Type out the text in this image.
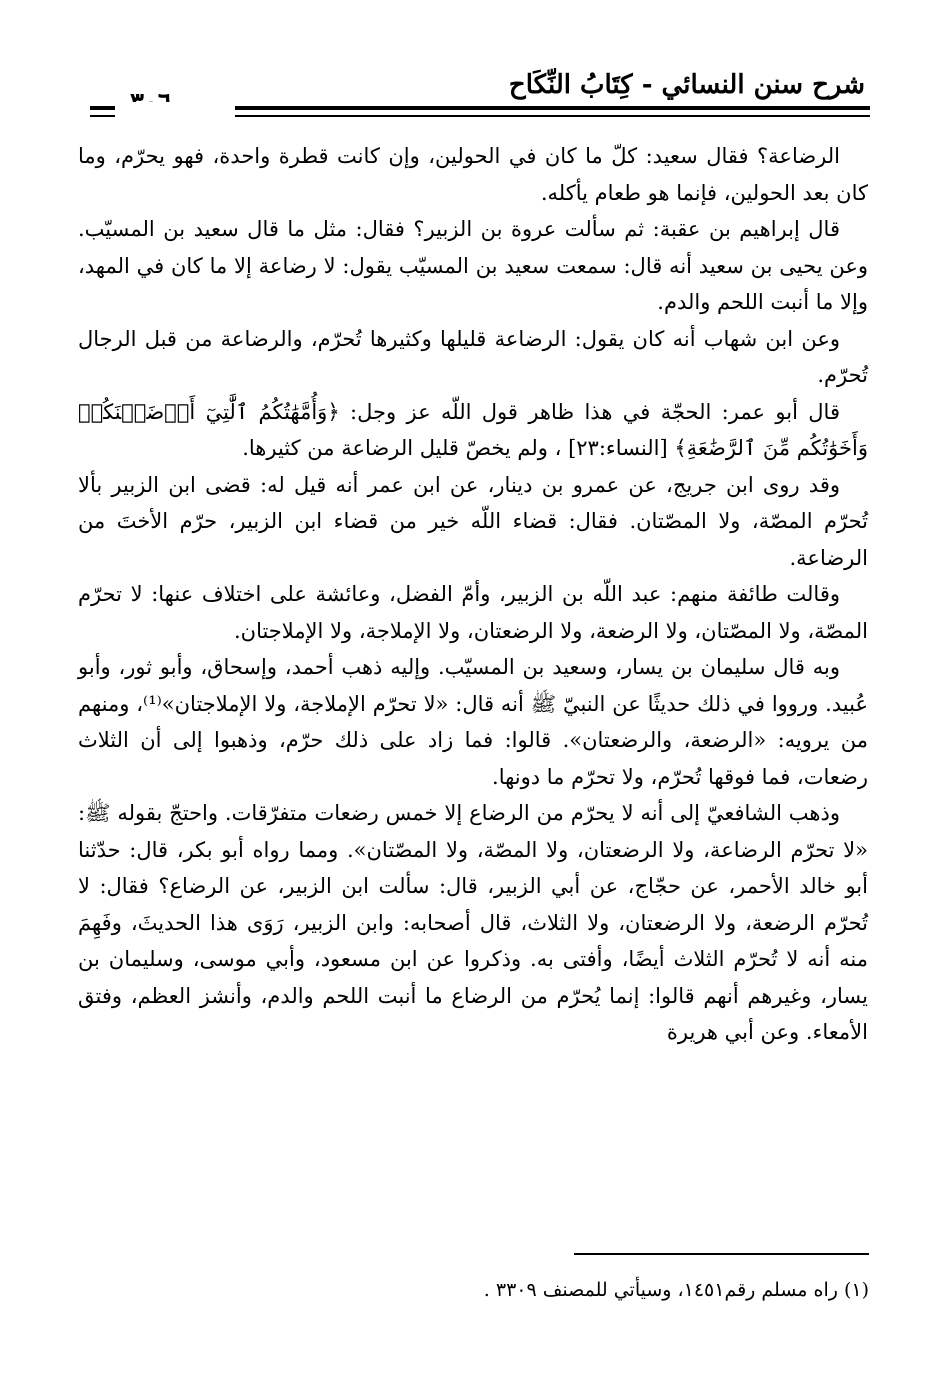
شرح سنن النسائي - كِتَابُ النِّكَاح

الرضاعة؟ فقال سعيد: كلّ ما كان في الحولين، وإن كانت قطرة واحدة، فهو يحرّم، وما كان بعد الحولين، فإنما هو طعام يأكله.

قال إبراهيم بن عقبة: ثم سألت عروة بن الزبير؟ فقال: مثل ما قال سعيد بن المسيّب. وعن يحيى بن سعيد أنه قال: سمعت سعيد بن المسيّب يقول: لا رضاعة إلا ما كان في المهد، وإلا ما أنبت اللحم والدم.

وعن ابن شهاب أنه كان يقول: الرضاعة قليلها وكثيرها تُحرّم، والرضاعة من قبل الرجال تُحرّم.

قال أبو عمر: الحجّة في هذا ظاهر قول اللّه عز وجل: ﴿وَأُمَّهَٰتُكُمُ ٱلَّٰتِيٓ أَرۡضَعۡنَكُمۡ وَأَخَوَٰتُكُم مِّنَ ٱلرَّضَٰعَةِ﴾ [النساء:٢٣] ، ولم يخصّ قليل الرضاعة من كثيرها.

وقد روى ابن جريج، عن عمرو بن دينار، عن ابن عمر أنه قيل له: قضى ابن الزبير بألا تُحرّم المصّة، ولا المصّتان. فقال: قضاء اللّه خير من قضاء ابن الزبير، حرّم الأختَ من الرضاعة.

وقالت طائفة منهم: عبد اللّه بن الزبير، وأمّ الفضل، وعائشة على اختلاف عنها: لا تحرّم المصّة، ولا المصّتان، ولا الرضعة، ولا الرضعتان، ولا الإملاجة، ولا الإملاجتان.

وبه قال سليمان بن يسار، وسعيد بن المسيّب. وإليه ذهب أحمد، وإسحاق، وأبو ثور، وأبو عُبيد. ورووا في ذلك حديثًا عن النبيّ ﷺ أنه قال: «لا تحرّم الإملاجة، ولا الإملاجتان»⁽¹⁾، ومنهم من يرويه: «الرضعة، والرضعتان». قالوا: فما زاد على ذلك حرّم، وذهبوا إلى أن الثلاث رضعات، فما فوقها تُحرّم، ولا تحرّم ما دونها.

وذهب الشافعيّ إلى أنه لا يحرّم من الرضاع إلا خمس رضعات متفرّقات. واحتجّ بقوله ﷺ: «لا تحرّم الرضاعة، ولا الرضعتان، ولا المصّة، ولا المصّتان». ومما رواه أبو بكر، قال: حدّثنا أبو خالد الأحمر، عن حجّاج، عن أبي الزبير، قال: سألت ابن الزبير، عن الرضاع؟ فقال: لا تُحرّم الرضعة، ولا الرضعتان، ولا الثلاث، قال أصحابه: وابن الزبير، رَوَى هذا الحديثَ، وفَهِمَ منه أنه لا تُحرّم الثلاث أيضًا، وأفتى به. وذكروا عن ابن مسعود، وأبي موسى، وسليمان بن يسار، وغيرهم أنهم قالوا: إنما يُحرّم من الرضاع ما أنبت اللحم والدم، وأنشز العظم، وفتق الأمعاء. وعن أبي هريرة

(١) راه مسلم رقم١٤٥١، وسيأتي للمصنف ٣٣٠٩ .
